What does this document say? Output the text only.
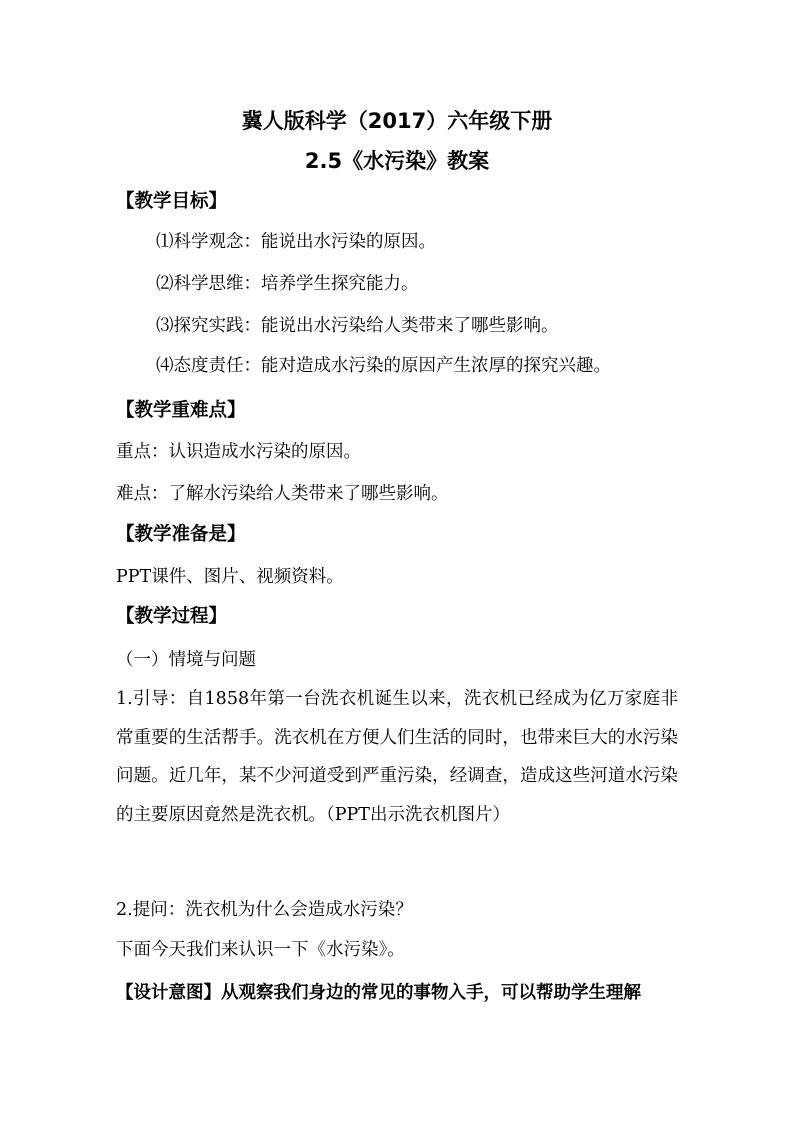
冀人版科学（2017）六年级下册
2.5《水污染》教案
【教学目标】
⑴科学观念：能说出水污染的原因。
⑵科学思维：培养学生探究能力。
⑶探究实践：能说出水污染给人类带来了哪些影响。
⑷态度责任：能对造成水污染的原因产生浓厚的探究兴趣。
【教学重难点】
重点：认识造成水污染的原因。
难点：了解水污染给人类带来了哪些影响。
【教学准备是】
PPT课件、图片、视频资料。
【教学过程】
（一）情境与问题
1.引导：自1858年第一台洗衣机诞生以来，洗衣机已经成为亿万家庭非常重要的生活帮手。洗衣机在方便人们生活的同时，也带来巨大的水污染问题。近几年，某不少河道受到严重污染，经调查，造成这些河道水污染的主要原因竟然是洗衣机。（PPT出示洗衣机图片）
2.提问：洗衣机为什么会造成水污染？
下面今天我们来认识一下《水污染》。
【设计意图】从观察我们身边的常见的事物入手，可以帮助学生理解
